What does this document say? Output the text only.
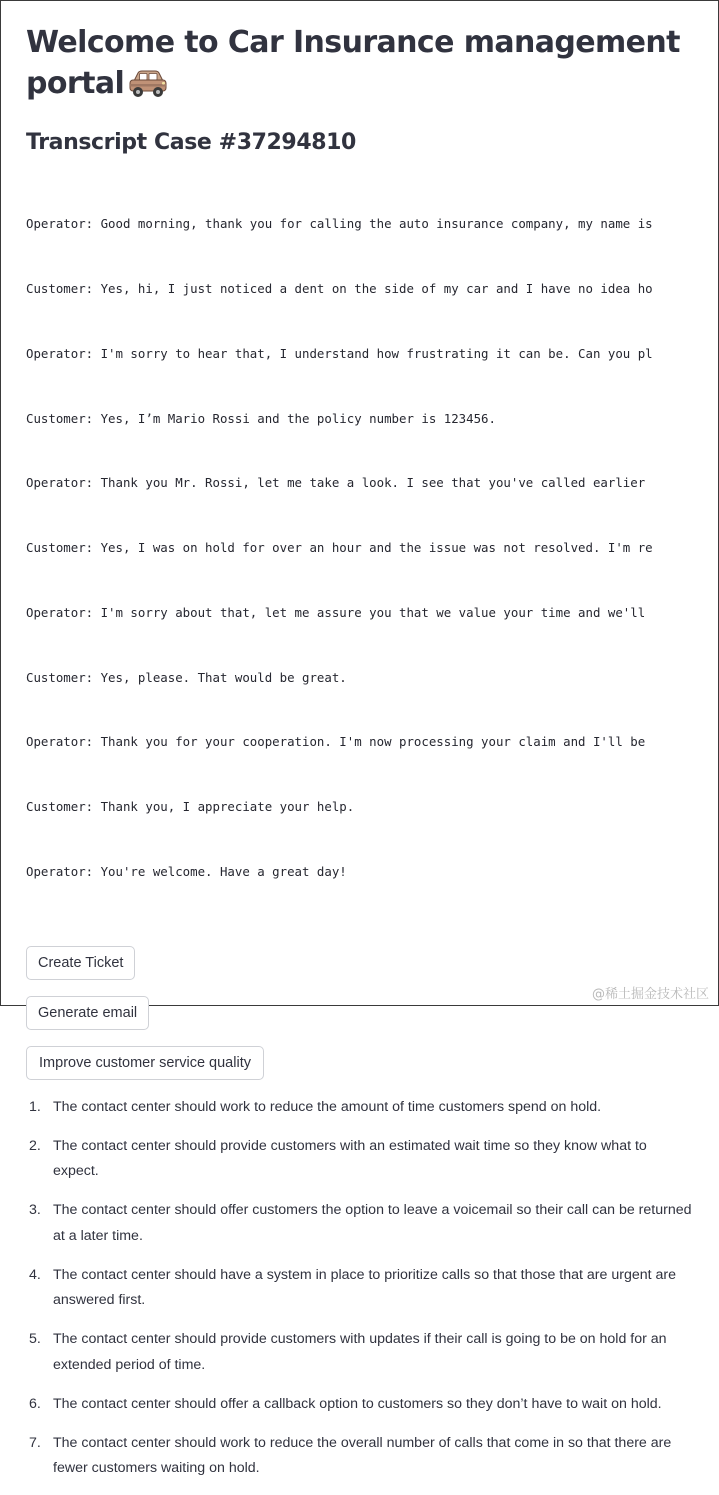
Welcome to Car Insurance management portal
Transcript Case #37294810

Operator: Good morning, thank you for calling the auto insurance company, my name is

Customer: Yes, hi, I just noticed a dent on the side of my car and I have no idea ho

Operator: I'm sorry to hear that, I understand how frustrating it can be. Can you pl

Customer: Yes, I’m Mario Rossi and the policy number is 123456.

Operator: Thank you Mr. Rossi, let me take a look. I see that you've called earlier

Customer: Yes, I was on hold for over an hour and the issue was not resolved. I'm re

Operator: I'm sorry about that, let me assure you that we value your time and we'll

Customer: Yes, please. That would be great.

Operator: Thank you for your cooperation. I'm now processing your claim and I'll be

Customer: Thank you, I appreciate your help.

Operator: You're welcome. Have a great day!

Create Ticket
Generate email
Improve customer service quality
1. The contact center should work to reduce the amount of time customers spend on hold.
2. The contact center should provide customers with an estimated wait time so they know what to expect.
3. The contact center should offer customers the option to leave a voicemail so their call can be returned at a later time.
4. The contact center should have a system in place to prioritize calls so that those that are urgent are answered first.
5. The contact center should provide customers with updates if their call is going to be on hold for an extended period of time.
6. The contact center should offer a callback option to customers so they don’t have to wait on hold.
7. The contact center should work to reduce the overall number of calls that come in so that there are fewer customers waiting on hold.
@稀土掘金技术社区
